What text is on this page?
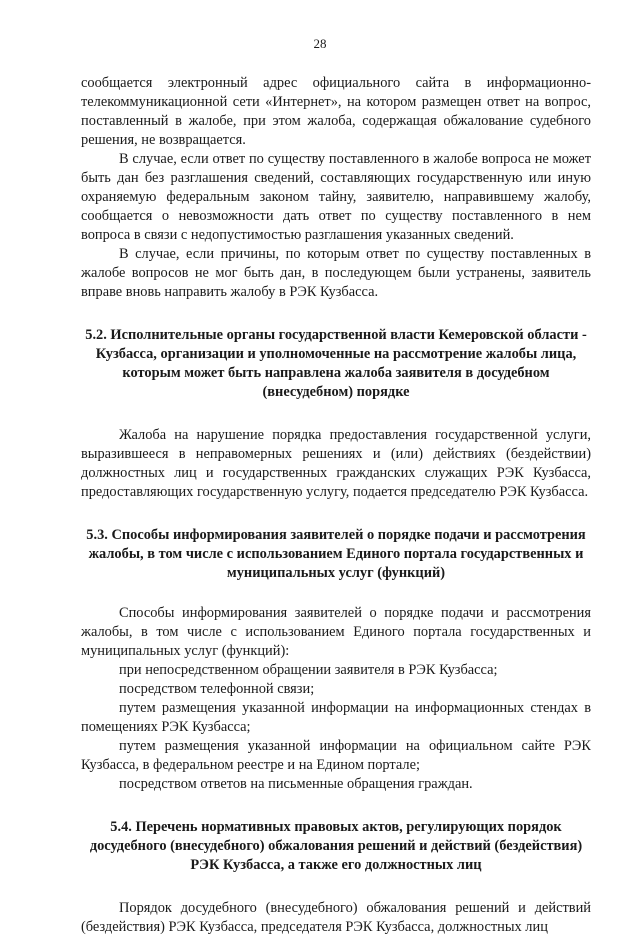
28

сообщается электронный адрес официального сайта в информационно-телекоммуникационной сети «Интернет», на котором размещен ответ на вопрос, поставленный в жалобе, при этом жалоба, содержащая обжалование судебного решения, не возвращается.

В случае, если ответ по существу поставленного в жалобе вопроса не может быть дан без разглашения сведений, составляющих государственную или иную охраняемую федеральным законом тайну, заявителю, направившему жалобу, сообщается о невозможности дать ответ по существу поставленного в нем вопроса в связи с недопустимостью разглашения указанных сведений.

В случае, если причины, по которым ответ по существу поставленных в жалобе вопросов не мог быть дан, в последующем были устранены, заявитель вправе вновь направить жалобу в РЭК Кузбасса.

5.2. Исполнительные органы государственной власти Кемеровской области - Кузбасса, организации и уполномоченные на рассмотрение жалобы лица, которым может быть направлена жалоба заявителя в досудебном (внесудебном) порядке

Жалоба на нарушение порядка предоставления государственной услуги, выразившееся в неправомерных решениях и (или) действиях (бездействии) должностных лиц и государственных гражданских служащих РЭК Кузбасса, предоставляющих государственную услугу, подается председателю РЭК Кузбасса.

5.3. Способы информирования заявителей о порядке подачи и рассмотрения жалобы, в том числе с использованием Единого портала государственных и муниципальных услуг (функций)

Способы информирования заявителей о порядке подачи и рассмотрения жалобы, в том числе с использованием Единого портала государственных и муниципальных услуг (функций):

при непосредственном обращении заявителя в РЭК Кузбасса;

посредством телефонной связи;

путем размещения указанной информации на информационных стендах в помещениях РЭК Кузбасса;

путем размещения указанной информации на официальном сайте РЭК Кузбасса, в федеральном реестре и на Едином портале;

посредством ответов на письменные обращения граждан.

5.4. Перечень нормативных правовых актов, регулирующих порядок досудебного (внесудебного) обжалования решений и действий (бездействия) РЭК Кузбасса, а также его должностных лиц

Порядок досудебного (внесудебного) обжалования решений и действий (бездействия) РЭК Кузбасса, председателя РЭК Кузбасса, должностных лиц
